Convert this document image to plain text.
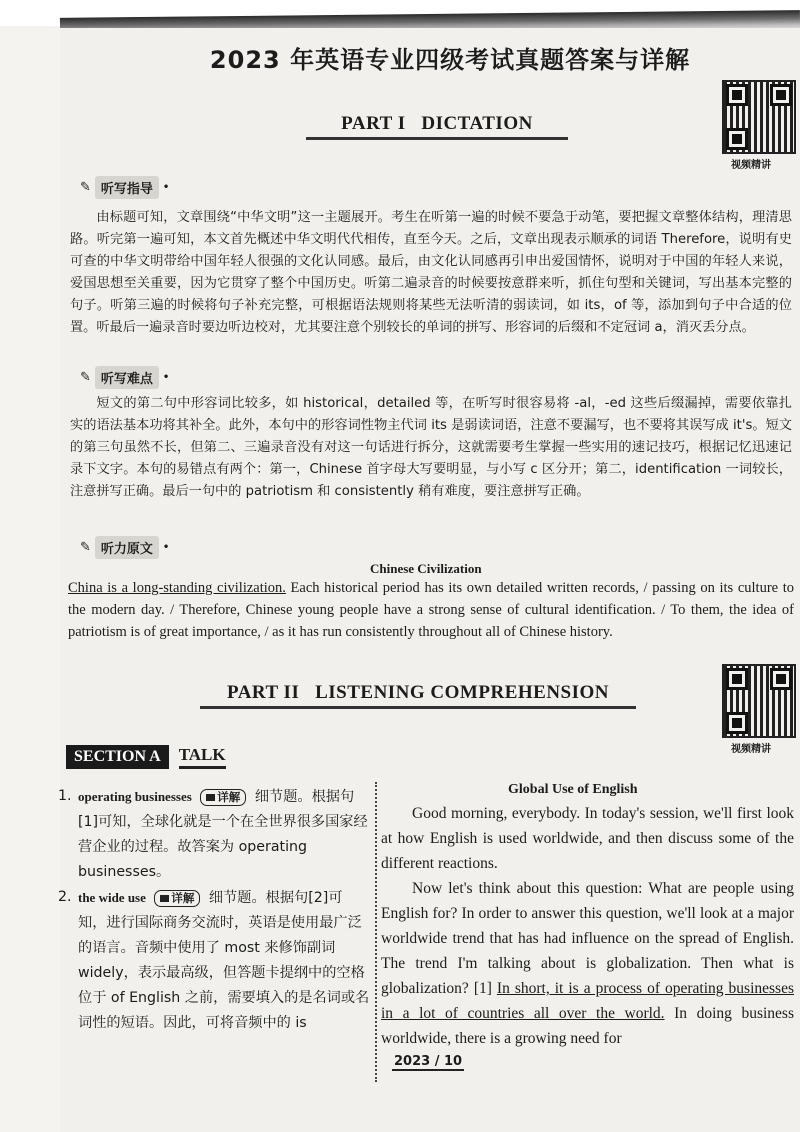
2023 年英语专业四级考试真题答案与详解
PART I   DICTATION
视频精讲
✎ 听写指导	•
由标题可知，文章围绕“中华文明”这一主题展开。考生在听第一遍的时候不要急于动笔，要把握文章整体结构，理清思路。听完第一遍可知，本文首先概述中华文明代代相传，直至今天。之后，文章出现表示顺承的词语 Therefore，说明有史可查的中华文明带给中国年轻人很强的文化认同感。最后，由文化认同感再引申出爱国情怀，说明对于中国的年轻人来说，爱国思想至关重要，因为它贯穿了整个中国历史。听第二遍录音的时候要按意群来听，抓住句型和关键词，写出基本完整的句子。听第三遍的时候将句子补充完整，可根据语法规则将某些无法听清的弱读词，如 its，of 等，添加到句子中合适的位置。听最后一遍录音时要边听边校对，尤其要注意个别较长的单词的拼写、形容词的后缀和不定冠词 a，消灭丢分点。
✎ 听写难点	•
短文的第二句中形容词比较多，如 historical，detailed 等，在听写时很容易将 -al，-ed 这些后缀漏掉，需要依靠扎实的语法基本功将其补全。此外，本句中的形容词性物主代词 its 是弱读词语，注意不要漏写，也不要将其误写成 it's。短文的第三句虽然不长，但第二、三遍录音没有对这一句话进行拆分，这就需要考生掌握一些实用的速记技巧，根据记忆迅速记录下文字。本句的易错点有两个：第一，Chinese 首字母大写要明显，与小写 c 区分开；第二，identification 一词较长，注意拼写正确。最后一句中的 patriotism 和 consistently 稍有难度，要注意拼写正确。
✎ 听力原文	•
Chinese Civilization
China is a long-standing civilization. Each historical period has its own detailed written records, / passing on its culture to the modern day. / Therefore, Chinese young people have a strong sense of cultural identification. / To them, the idea of patriotism is of great importance, / as it has run consistently throughout all of Chinese history.
PART II   LISTENING COMPREHENSION
视频精讲
SECTION A	TALK
1. operating businesses 详解 细节题。根据句[1]可知，全球化就是一个在全世界很多国家经营企业的过程。故答案为 operating businesses。
2. the wide use 详解 细节题。根据句[2]可知，进行国际商务交流时，英语是使用最广泛的语言。音频中使用了 most 来修饰副词 widely，表示最高级，但答题卡提纲中的空格位于 of English 之前，需要填入的是名词或名词性的短语。因此，可将音频中的 is
Global Use of English

Good morning, everybody. In today's session, we'll first look at how English is used worldwide, and then discuss some of the different reactions.

Now let's think about this question: What are people using English for? In order to answer this question, we'll look at a major worldwide trend that has had influence on the spread of English. The trend I'm talking about is globalization. Then what is globalization? [1] In short, it is a process of operating businesses in a lot of countries all over the world. In doing business worldwide, there is a growing need for

2023 / 10
